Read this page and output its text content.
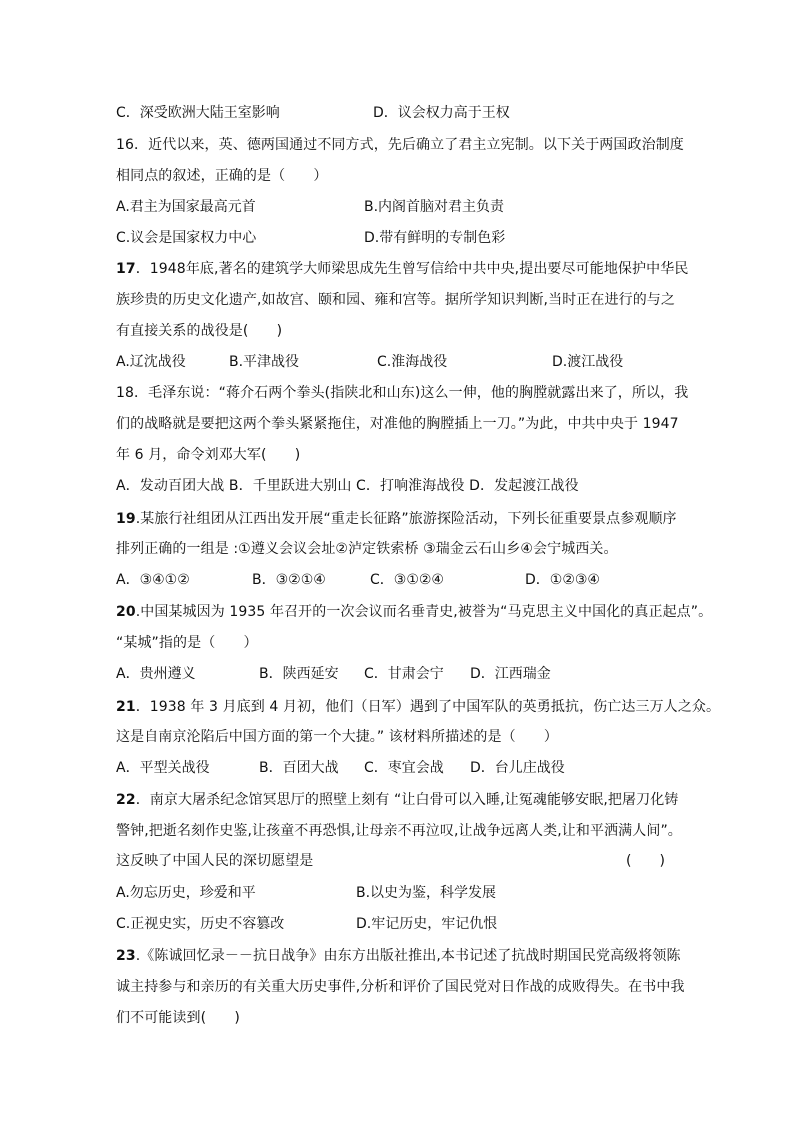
C．深受欧洲大陆王室影响	D．议会权力高于王权
16．近代以来，英、德两国通过不同方式，先后确立了君主立宪制。以下关于两国政治制度
相同点的叙述，正确的是（　　）
A.君主为国家最高元首	B.内阁首脑对君主负责
C.议会是国家权力中心	D.带有鲜明的专制色彩
17．1948年底,著名的建筑学大师梁思成先生曾写信给中共中央,提出要尽可能地保护中华民
族珍贵的历史文化遗产,如故宫、颐和园、雍和宫等。据所学知识判断,当时正在进行的与之
有直接关系的战役是(　　)
A.辽沈战役	B.平津战役	C.淮海战役	D.渡江战役
18．毛泽东说：“蒋介石两个拳头(指陕北和山东)这么一伸，他的胸膛就露出来了，所以，我
们的战略就是要把这两个拳头紧紧拖住，对准他的胸膛插上一刀。”为此，中共中央于 1947
年 6 月，命令刘邓大军(　　)
A．发动百团大战 B．千里跃进大别山 C．打响淮海战役 D．发起渡江战役
19.某旅行社组团从江西出发开展“重走长征路”旅游探险活动，下列长征重要景点参观顺序
排列正确的一组是 :①遵义会议会址②泸定铁索桥 ③瑞金云石山乡④会宁城西关。
A．③④①②	B．③②①④	C．③①②④	D．①②③④
20.中国某城因为 1935 年召开的一次会议而名垂青史,被誉为“马克思主义中国化的真正起点”。
“某城”指的是（　　）
A．贵州遵义	B．陕西延安 C．甘肃会宁 D．江西瑞金
21．1938 年 3 月底到 4 月初，他们（日军）遇到了中国军队的英勇抵抗，伤亡达三万人之众。
这是自南京沦陷后中国方面的第一个大捷。” 该材料所描述的是（　　）
A．平型关战役	B．百团大战 C．枣宜会战 D．台儿庄战役
22．南京大屠杀纪念馆冥思厅的照壁上刻有 “让白骨可以入睡,让冤魂能够安眠,把屠刀化铸
警钟,把逝名刻作史鉴,让孩童不再恐惧,让母亲不再泣叹,让战争远离人类,让和平洒满人间”。
这反映了中国人民的深切愿望是	(　　)
A.勿忘历史，珍爱和平	B.以史为鉴，科学发展
C.正视史实，历史不容篡改	D.牢记历史，牢记仇恨
23.《陈诚回忆录－－抗日战争》由东方出版社推出,本书记述了抗战时期国民党高级将领陈
诚主持参与和亲历的有关重大历史事件,分析和评价了国民党对日作战的成败得失。在书中我
们不可能读到(　　)
